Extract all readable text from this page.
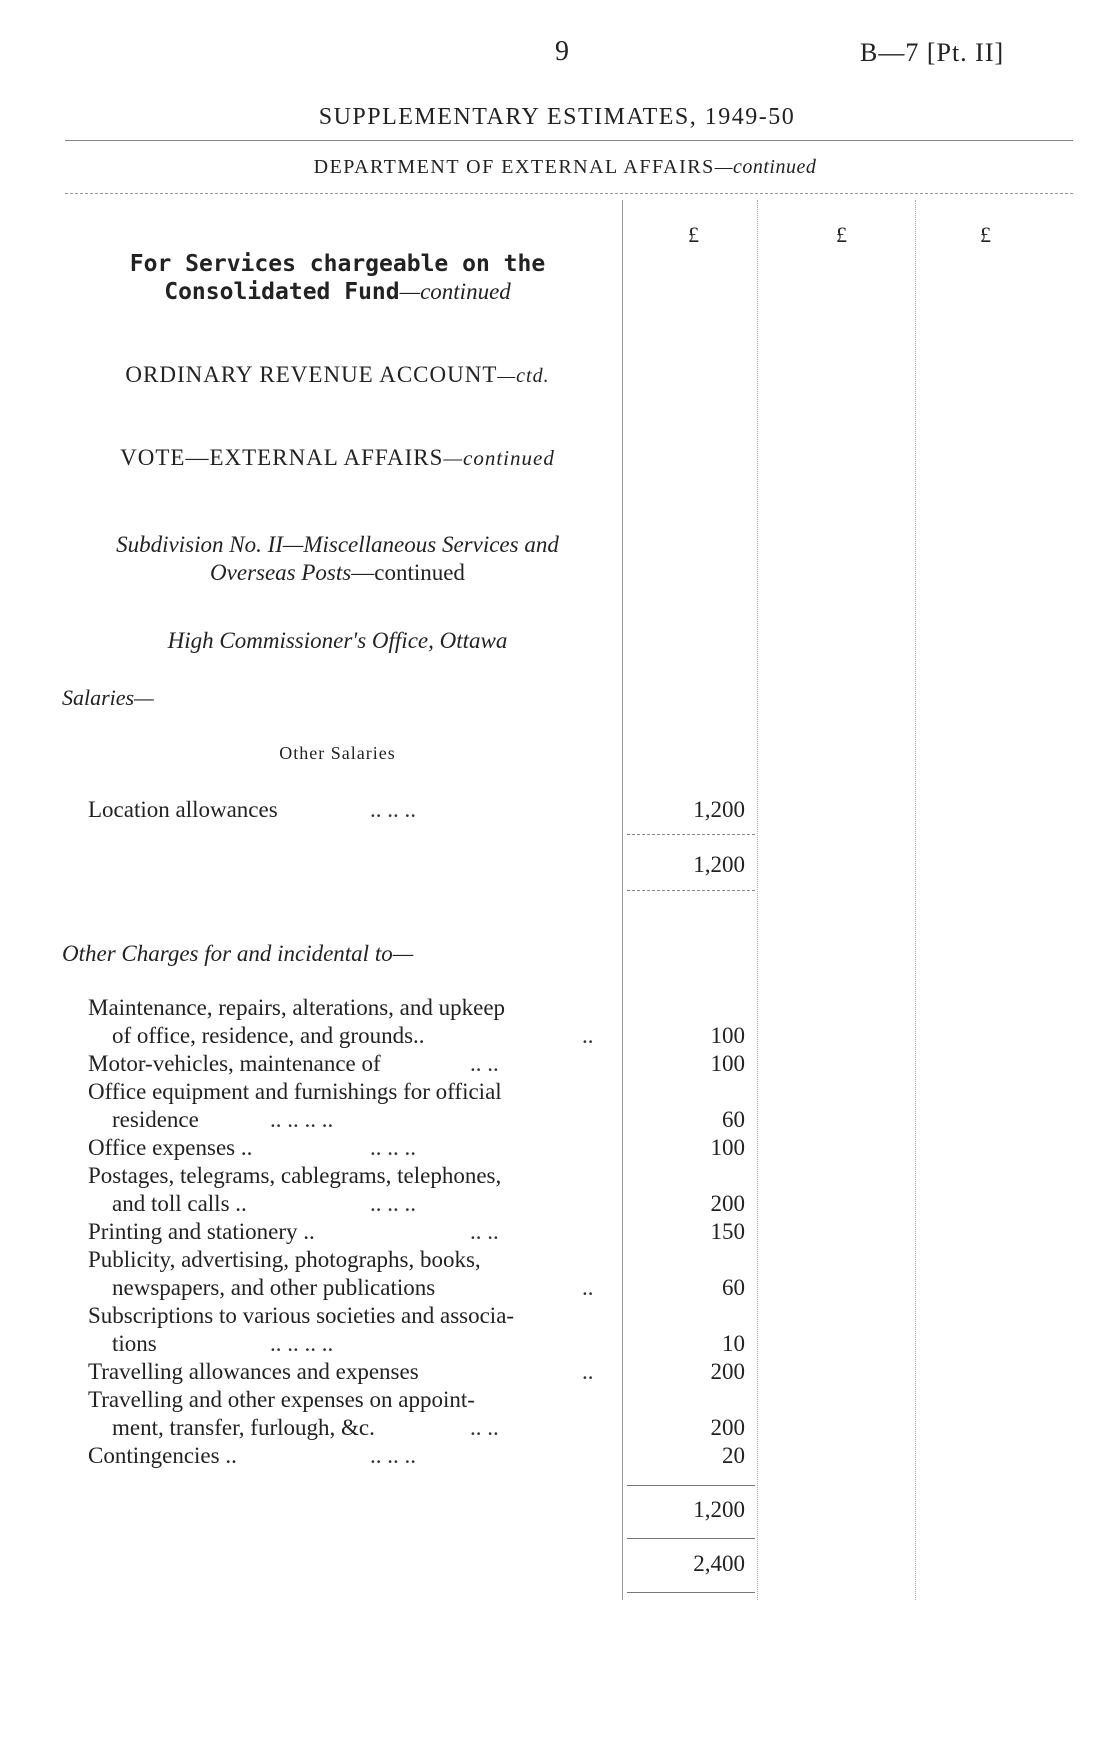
9	B—7 [Pt. II]
SUPPLEMENTARY ESTIMATES, 1949-50
DEPARTMENT OF EXTERNAL AFFAIRS—continued
£	£	£
For Services chargeable on the
Consolidated Fund—continued
ORDINARY REVENUE ACCOUNT—ctd.
VOTE—EXTERNAL AFFAIRS—continued
Subdivision No. II—Miscellaneous Services and
Overseas Posts—continued
High Commissioner's Office, Ottawa
Salaries—
Other Salaries
Location allowances	.. .. ..	1,200
1,200
Other Charges for and incidental to—
Maintenance, repairs, alterations, and upkeep
of office, residence, and grounds..	..	100
Motor-vehicles, maintenance of	.. ..	100
Office equipment and furnishings for official
residence	.. .. .. ..	60
Office expenses ..	.. .. ..	100
Postages, telegrams, cablegrams, telephones,
and toll calls ..	.. .. ..	200
Printing and stationery ..	.. ..	150
Publicity, advertising, photographs, books,
newspapers, and other publications	..	60
Subscriptions to various societies and associa-
tions	.. .. .. ..	10
Travelling allowances and expenses	..	200
Travelling and other expenses on appoint-
ment, transfer, furlough, &c.	.. ..	200
Contingencies ..	.. .. ..	20
1,200
2,400
